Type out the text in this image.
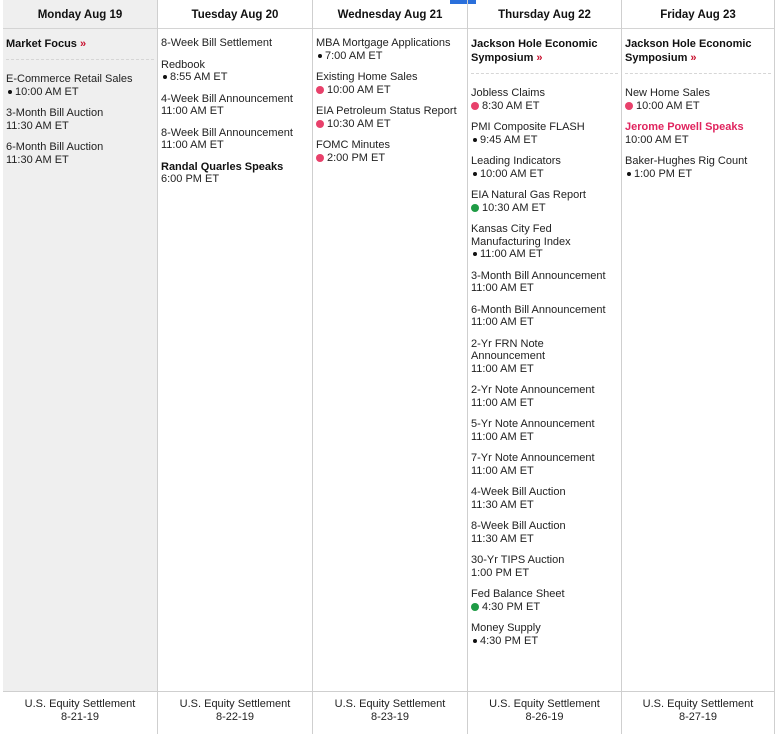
Monday Aug 19
Market Focus »
E-Commerce Retail Sales
10:00 AM ET
3-Month Bill Auction
11:30 AM ET
6-Month Bill Auction
11:30 AM ET
Tuesday Aug 20
8-Week Bill Settlement
Redbook
8:55 AM ET
4-Week Bill Announcement
11:00 AM ET
8-Week Bill Announcement
11:00 AM ET
Randal Quarles Speaks
6:00 PM ET
Wednesday Aug 21
MBA Mortgage Applications
7:00 AM ET
Existing Home Sales
10:00 AM ET
EIA Petroleum Status Report
10:30 AM ET
FOMC Minutes
2:00 PM ET
Thursday Aug 22
Jackson Hole Economic Symposium »
Jobless Claims
8:30 AM ET
PMI Composite FLASH
9:45 AM ET
Leading Indicators
10:00 AM ET
EIA Natural Gas Report
10:30 AM ET
Kansas City Fed Manufacturing Index
11:00 AM ET
3-Month Bill Announcement
11:00 AM ET
6-Month Bill Announcement
11:00 AM ET
2-Yr FRN Note Announcement
11:00 AM ET
2-Yr Note Announcement
11:00 AM ET
5-Yr Note Announcement
11:00 AM ET
7-Yr Note Announcement
11:00 AM ET
4-Week Bill Auction
11:30 AM ET
8-Week Bill Auction
11:30 AM ET
30-Yr TIPS Auction
1:00 PM ET
Fed Balance Sheet
4:30 PM ET
Money Supply
4:30 PM ET
Friday Aug 23
Jackson Hole Economic Symposium »
New Home Sales
10:00 AM ET
Jerome Powell Speaks
10:00 AM ET
Baker-Hughes Rig Count
1:00 PM ET
U.S. Equity Settlement
8-21-19
U.S. Equity Settlement
8-22-19
U.S. Equity Settlement
8-23-19
U.S. Equity Settlement
8-26-19
U.S. Equity Settlement
8-27-19
